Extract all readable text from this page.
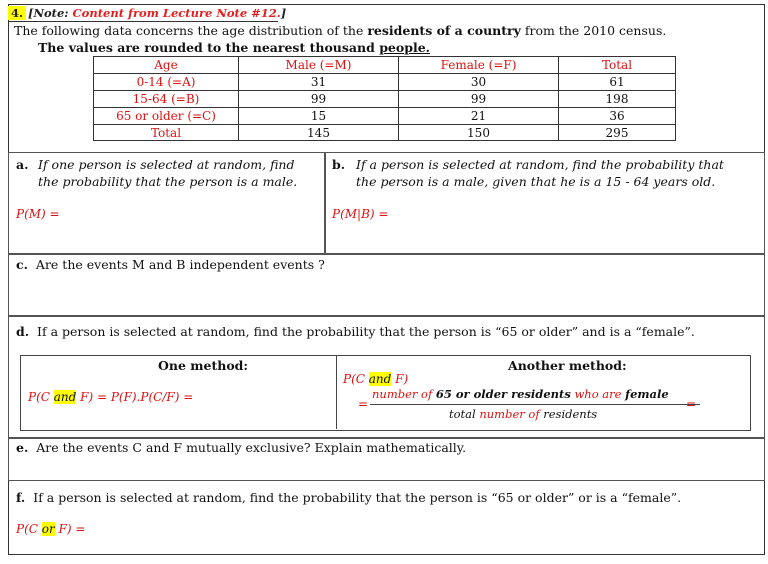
4. [Note: Content from Lecture Note #12.]
The following data concerns the age distribution of the residents of a country from the 2010 census.
The values are rounded to the nearest thousand people.
Age	Male (=M)	Female (=F)	Total
0-14 (=A)	31	30	61
15-64 (=B)	99	99	198
65 or older (=C)	15	21	36
Total	145	150	295
a. If one person is selected at random, find
the probability that the person is a male.
P(M) =
b. If a person is selected at random, find the probability that
the person is a male, given that he is a 15 - 64 years old.
P(M|B) =
c. Are the events M and B independent events ?
d. If a person is selected at random, find the probability that the person is “65 or older” and is a “female”.
One method:	Another method:
P(C and F) = P(F).P(C/F) =
P(C and F)
=
number of 65 or older residents who are female
total number of residents
=
e. Are the events C and F mutually exclusive? Explain mathematically.
f. If a person is selected at random, find the probability that the person is “65 or older” or is a “female”.
P(C or F) =
